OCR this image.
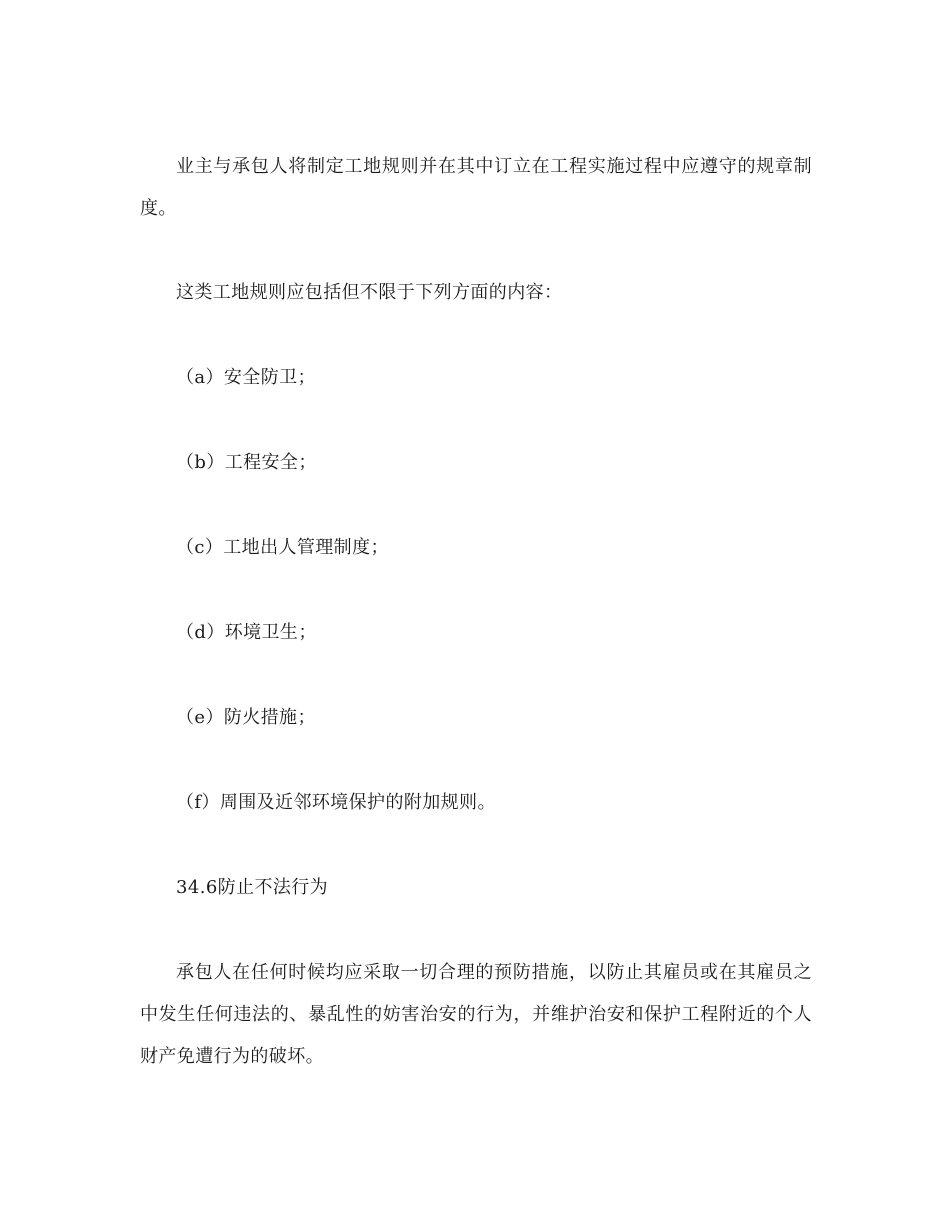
业主与承包人将制定工地规则并在其中订立在工程实施过程中应遵守的规章制度。

这类工地规则应包括但不限于下列方面的内容：

（a）安全防卫；

（b）工程安全；

（c）工地出人管理制度；

（d）环境卫生；

（e）防火措施；

（f）周围及近邻环境保护的附加规则。

34.6防止不法行为

承包人在任何时候均应采取一切合理的预防措施，以防止其雇员或在其雇员之中发生任何违法的、暴乱性的妨害治安的行为，并维护治安和保护工程附近的个人财产免遭行为的破坏。
